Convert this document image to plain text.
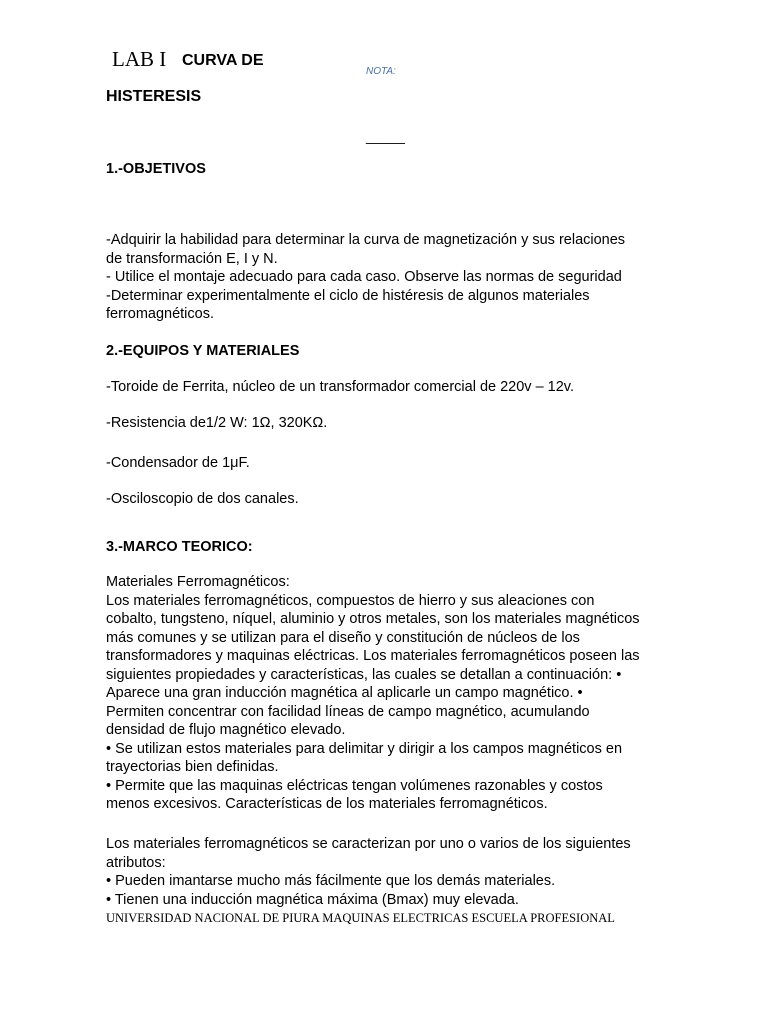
LAB I CURVA DE
HISTERESIS
NOTA:
_____
1.-OBJETIVOS
-Adquirir la habilidad para determinar la curva de magnetización y sus relaciones
de transformación E, I y N.
- Utilice el montaje adecuado para cada caso. Observe las normas de seguridad
-Determinar experimentalmente el ciclo de histéresis de algunos materiales
ferromagnéticos.
2.-EQUIPOS Y MATERIALES
-Toroide de Ferrita, núcleo de un transformador comercial de 220v – 12v.
-Resistencia de1/2 W: 1Ω, 320KΩ.
-Condensador de 1μF.
-Osciloscopio de dos canales.
3.-MARCO TEORICO:
Materiales Ferromagnéticos:
Los materiales ferromagnéticos, compuestos de hierro y sus aleaciones con
cobalto, tungsteno, níquel, aluminio y otros metales, son los materiales magnéticos
más comunes y se utilizan para el diseño y constitución de núcleos de los
transformadores y maquinas eléctricas. Los materiales ferromagnéticos poseen las
siguientes propiedades y características, las cuales se detallan a continuación: •
Aparece una gran inducción magnética al aplicarle un campo magnético. •
Permiten concentrar con facilidad líneas de campo magnético, acumulando
densidad de flujo magnético elevado.
• Se utilizan estos materiales para delimitar y dirigir a los campos magnéticos en
trayectorias bien definidas.
• Permite que las maquinas eléctricas tengan volúmenes razonables y costos
menos excesivos. Características de los materiales ferromagnéticos.
Los materiales ferromagnéticos se caracterizan por uno o varios de los siguientes
atributos:
• Pueden imantarse mucho más fácilmente que los demás materiales.
• Tienen una inducción magnética máxima (Bmax) muy elevada.
UNIVERSIDAD NACIONAL DE PIURA MAQUINAS ELECTRICAS ESCUELA PROFESIONAL
